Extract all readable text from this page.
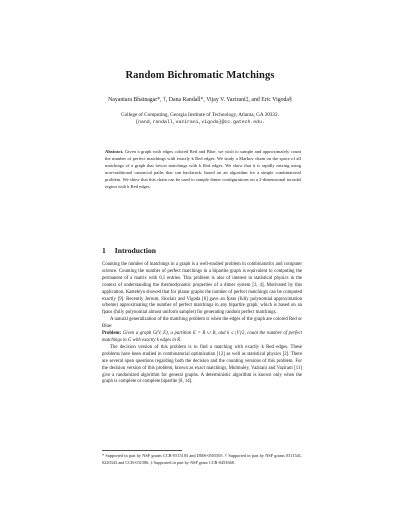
Random Bichromatic Matchings
Nayantara Bhatnagar*, †, Dana Randall*, Vijay V. Vazirani‡, and Eric Vigoda§
College of Computing, Georgia Institute of Technology, Atlanta, GA 30332.
{nand,randall,vazirani,vigoda}@cc.gatech.edu.
Abstract. Given a graph with edges colored Red and Blue, we wish to sample and approximately count the number of perfect matchings with exactly k Red edges. We study a Markov chain on the space of all matchings of a graph that favors matchings with k Red edges. We show that it is rapidly mixing using non-traditional canonical paths that can backtrack, based on an algorithm for a simple combinatorial problem. We show that this chain can be used to sample dimer configurations on a 2-dimensional toroidal region with k Red edges.
1 Introduction

Counting the number of matchings in a graph is a well-studied problem in combinatorics and computer science. Counting the number of perfect matchings in a bipartite graph is equivalent to computing the permanent of a matrix with 0,1 entries. This problem is also of interest in statistical physics in the context of understanding the thermodynamic properties of a dimer system [3, 4]. Motivated by this application, Kasteleyn showed that for planar graphs the number of perfect matchings can be computed exactly [9]. Recently Jerrum, Sinclair and Vigoda [6] gave an fpras (fully polynomial approximation scheme) approximating the number of perfect matchings in any bipartite graph, which is based on an fpaus (fully polynomial almost uniform sampler) for generating random perfect matchings.

A natural generalization of the matching problem is when the edges of the graph are colored Red or Blue:

Problem: Given a graph G(V, E), a partition E = R ∪ B, and k ≤ |V|/2, count the number of perfect matchings in G with exactly k edges in R.

The decision version of this problem is to find a matching with exactly k Red edges. These problems have been studied in combinatorial optimization [12] as well as statistical physics [2]. There are several open questions regarding both the decision and the counting versions of this problem. For the decision version of this problem, known as exact matchings, Mulmuley, Vazirani and Vazirani [11] give a randomized algorithm for general graphs. A deterministic algorithm is known only when the graph is complete or complete bipartite [8, 14].

* Supported in part by NSF grants CCR-0515105 and DMS-0505505. † Supported in part by NSF grants 0311541, 0220343 and CCR-031586. ‡ Supported in part by NSF grant CCR-0453668.
